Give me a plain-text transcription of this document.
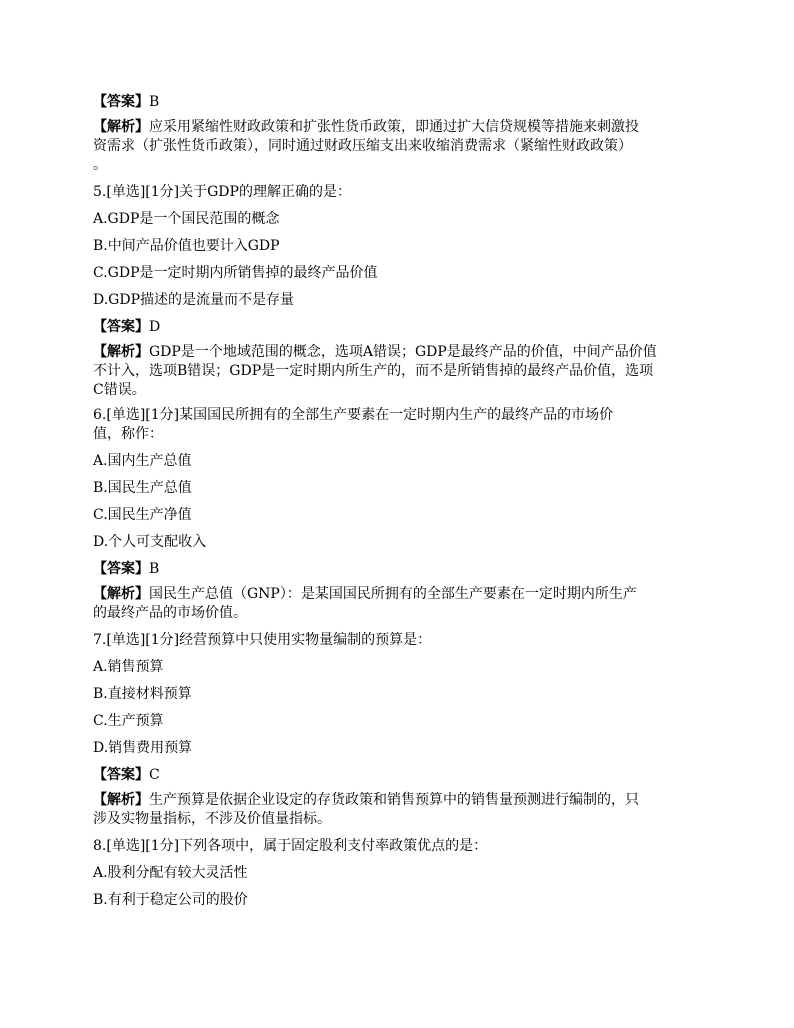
【答案】B

【解析】应采用紧缩性财政政策和扩张性货币政策，即通过扩大信贷规模等措施来刺激投

资需求（扩张性货币政策），同时通过财政压缩支出来收缩消费需求（紧缩性财政政策）

。

5.[单选][1分]关于GDP的理解正确的是：

A.GDP是一个国民范围的概念

B.中间产品价值也要计入GDP

C.GDP是一定时期内所销售掉的最终产品价值

D.GDP描述的是流量而不是存量

【答案】D

【解析】GDP是一个地域范围的概念，选项A错误；GDP是最终产品的价值，中间产品价值

不计入，选项B错误；GDP是一定时期内所生产的，而不是所销售掉的最终产品价值，选项

C错误。

6.[单选][1分]某国国民所拥有的全部生产要素在一定时期内生产的最终产品的市场价

值，称作：

A.国内生产总值

B.国民生产总值

C.国民生产净值

D.个人可支配收入

【答案】B

【解析】国民生产总值（GNP）：是某国国民所拥有的全部生产要素在一定时期内所生产

的最终产品的市场价值。

7.[单选][1分]经营预算中只使用实物量编制的预算是：

A.销售预算

B.直接材料预算

C.生产预算

D.销售费用预算

【答案】C

【解析】生产预算是依据企业设定的存货政策和销售预算中的销售量预测进行编制的，只

涉及实物量指标，不涉及价值量指标。

8.[单选][1分]下列各项中，属于固定股利支付率政策优点的是：

A.股利分配有较大灵活性

B.有利于稳定公司的股价
